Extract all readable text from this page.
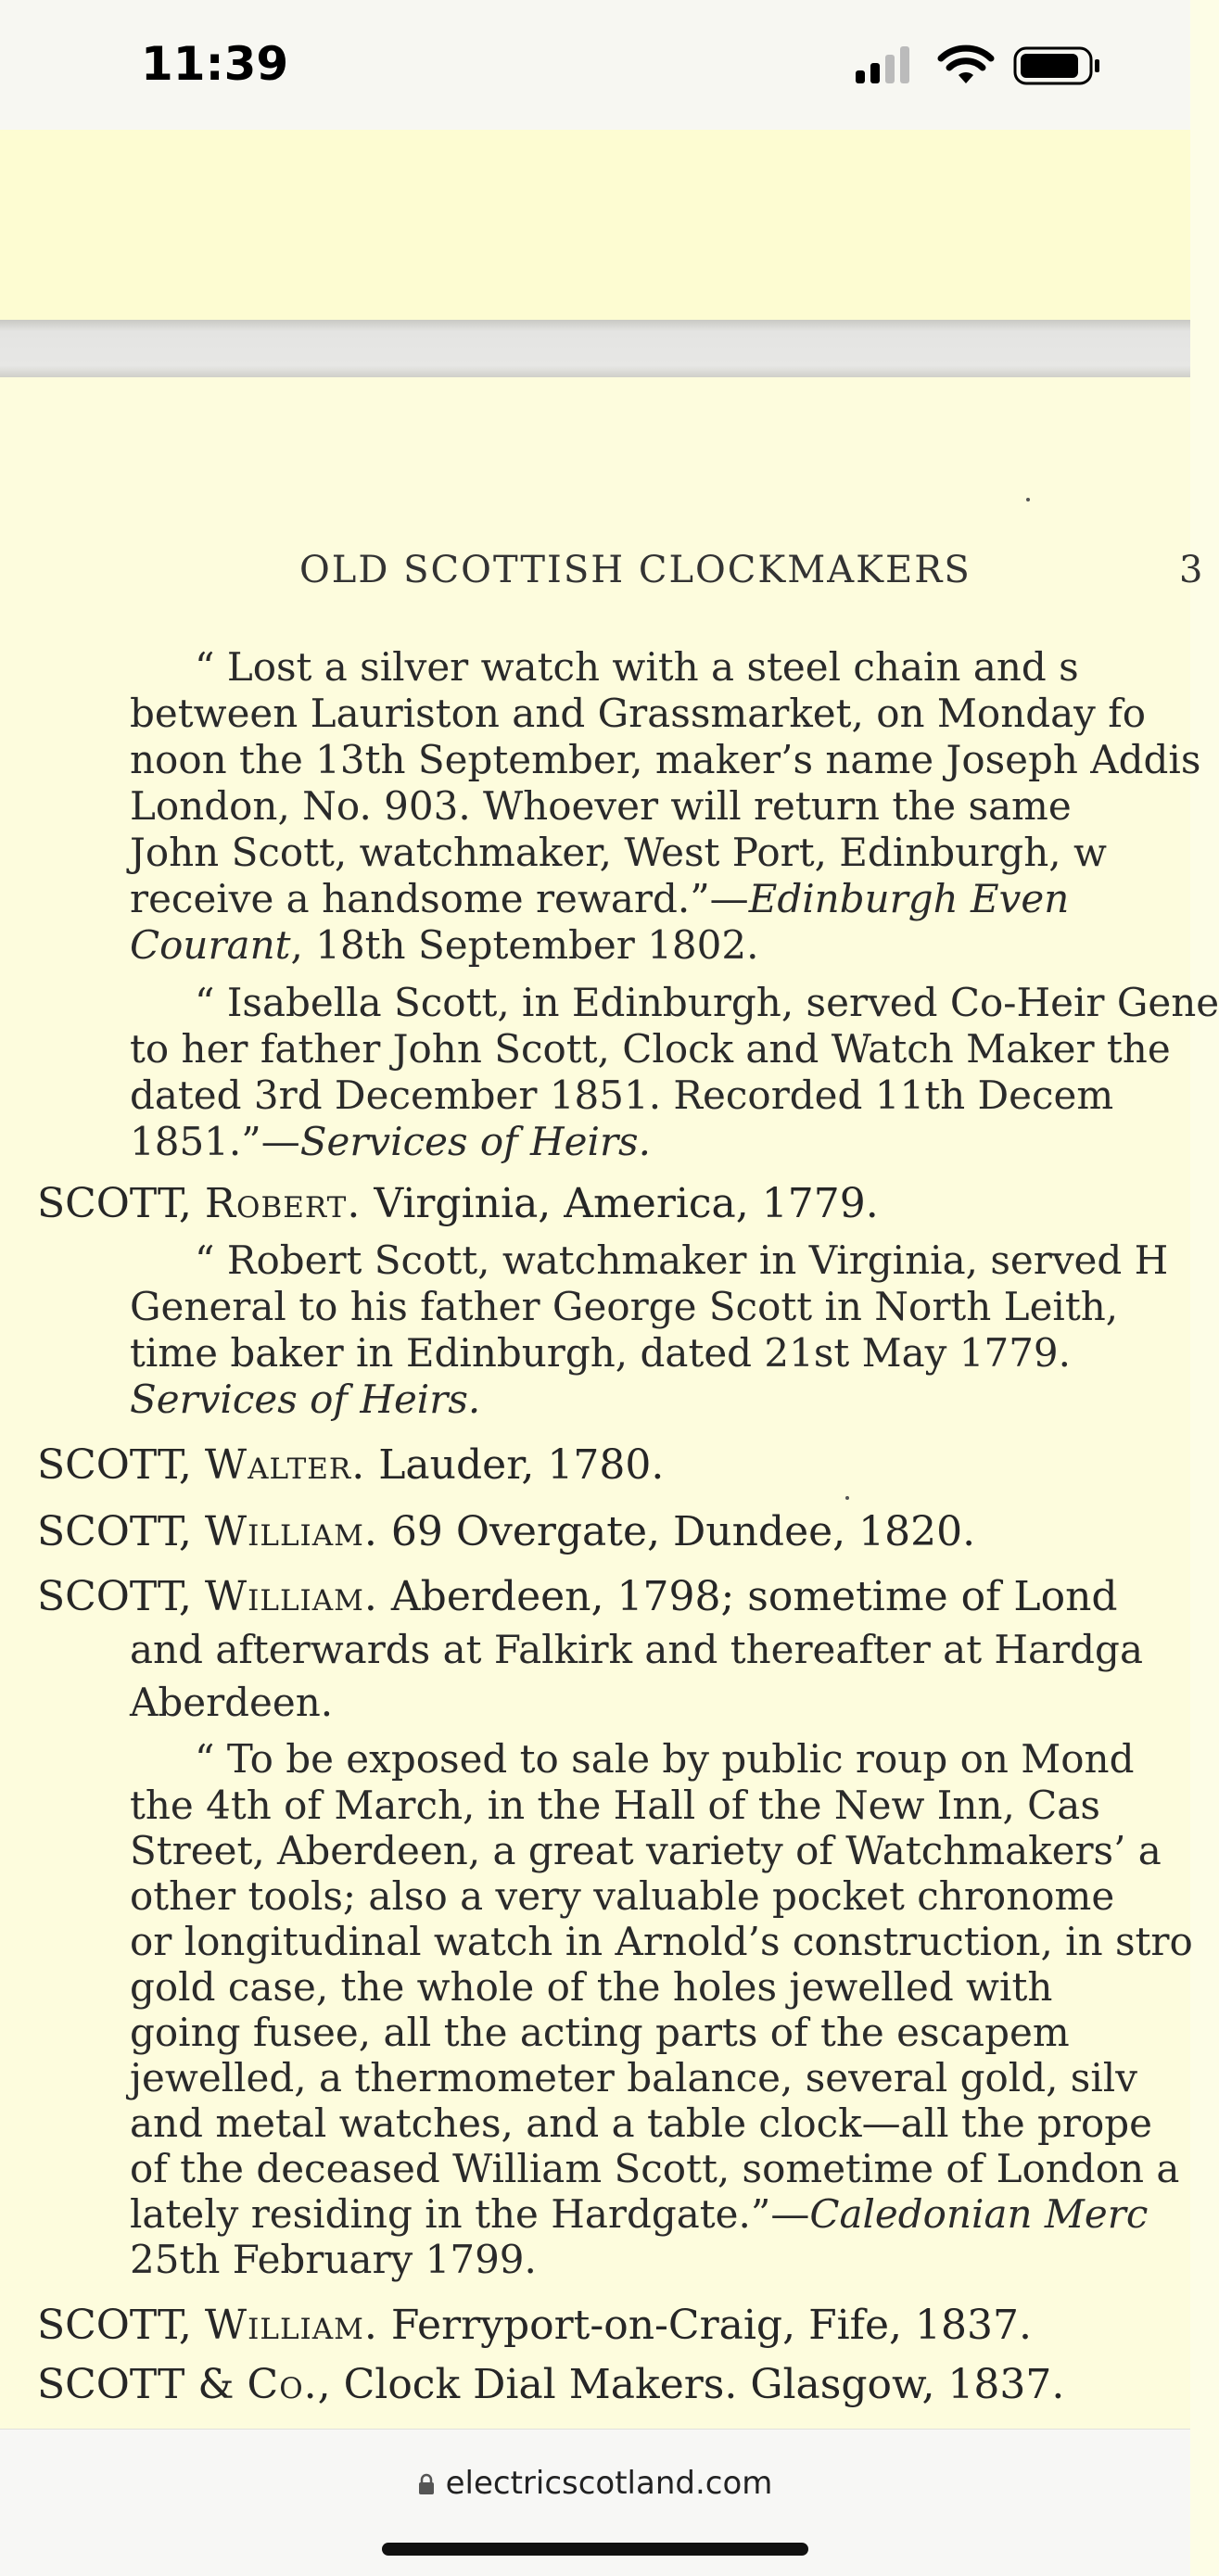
11:39
OLD SCOTTISH CLOCKMAKERS	3
“ Lost a silver watch with a steel chain and s
between Lauriston and Grassmarket, on Monday fo
noon the 13th September, maker’s name Joseph Addis
London, No. 903. Whoever will return the same
John Scott, watchmaker, West Port, Edinburgh, w
receive a handsome reward.”—Edinburgh Even
Courant, 18th September 1802.
“ Isabella Scott, in Edinburgh, served Co-Heir Gene
to her father John Scott, Clock and Watch Maker the
dated 3rd December 1851. Recorded 11th Decem
1851.”—Services of Heirs.
SCOTT, Robert. Virginia, America, 1779.
“ Robert Scott, watchmaker in Virginia, served H
General to his father George Scott in North Leith,
time baker in Edinburgh, dated 21st May 1779.
Services of Heirs.
SCOTT, Walter. Lauder, 1780.
SCOTT, William. 69 Overgate, Dundee, 1820.
SCOTT, William. Aberdeen, 1798; sometime of Lond
and afterwards at Falkirk and thereafter at Hardga
Aberdeen.
“ To be exposed to sale by public roup on Mond
the 4th of March, in the Hall of the New Inn, Cas
Street, Aberdeen, a great variety of Watchmakers’ a
other tools; also a very valuable pocket chronome
or longitudinal watch in Arnold’s construction, in stro
gold case, the whole of the holes jewelled with
going fusee, all the acting parts of the escapem
jewelled, a thermometer balance, several gold, silv
and metal watches, and a table clock—all the prope
of the deceased William Scott, sometime of London a
lately residing in the Hardgate.”—Caledonian Merc
25th February 1799.
SCOTT, William. Ferryport-on-Craig, Fife, 1837.
SCOTT & Co., Clock Dial Makers. Glasgow, 1837.
electricscotland.com
